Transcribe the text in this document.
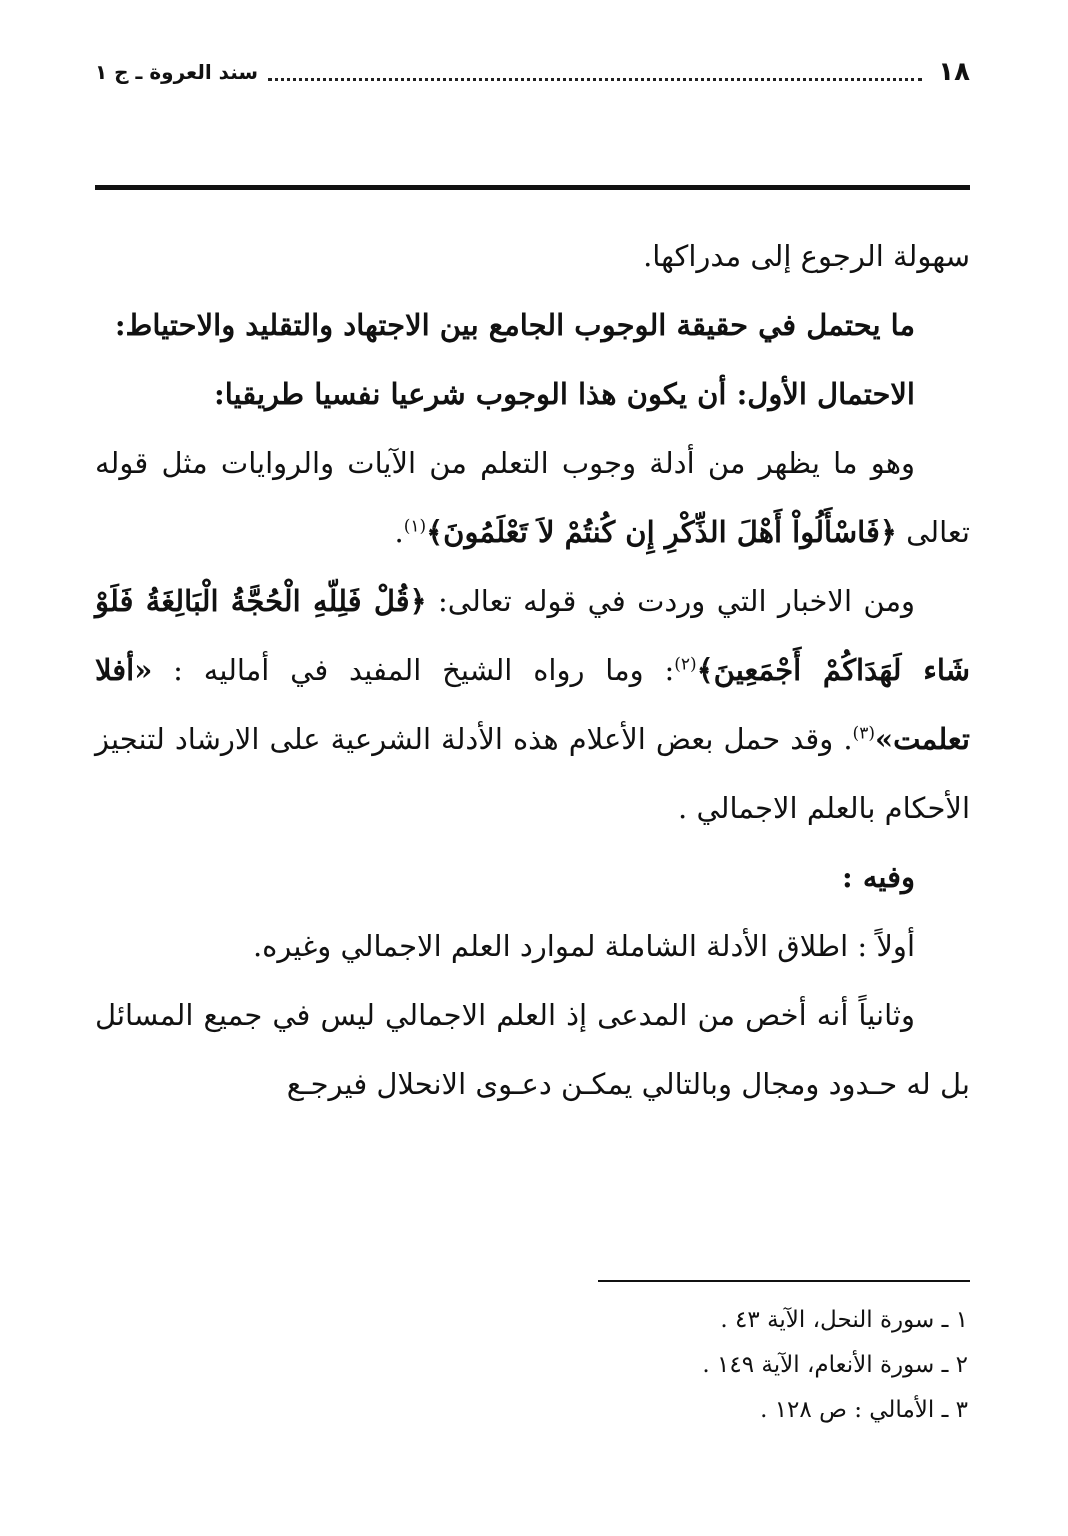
سند العروة ـ ج ١	١٨

سهولة الرجوع إلى مدراكها.

ما يحتمل في حقيقة الوجوب الجامع بين الاجتهاد والتقليد والاحتياط:

الاحتمال الأول: أن يكون هذا الوجوب شرعيا نفسيا طريقيا:

وهو ما يظهر من أدلة وجوب التعلم من الآيات والروايات مثل قوله تعالى ﴿فَاسْأَلُواْ أَهْلَ الذِّكْرِ إِن كُنتُمْ لاَ تَعْلَمُونَ﴾$^{(١)}$.

ومن الاخبار التي وردت في قوله تعالى: ﴿قُلْ فَلِلّهِ الْحُجَّةُ الْبَالِغَةُ فَلَوْ شَاء لَهَدَاكُمْ أَجْمَعِينَ﴾$^{(٢)}$: وما رواه الشيخ المفيد في أماليه : «أفلا تعلمت»$^{(٣)}$. وقد حمل بعض الأعلام هذه الأدلة الشرعية على الارشاد لتنجيز الأحكام بالعلم الاجمالي .

وفيه :

أولاً : اطلاق الأدلة الشاملة لموارد العلم الاجمالي وغيره.

وثانياً أنه أخص من المدعى إذ العلم الاجمالي ليس في جميع المسائل بل له حـدود ومجال وبالتالي يمكـن دعـوى الانحلال فيرجـع

١ ـ سورة النحل، الآية ٤٣ .
٢ ـ سورة الأنعام، الآية ١٤٩ .
٣ ـ الأمالي : ص ١٢٨ .
